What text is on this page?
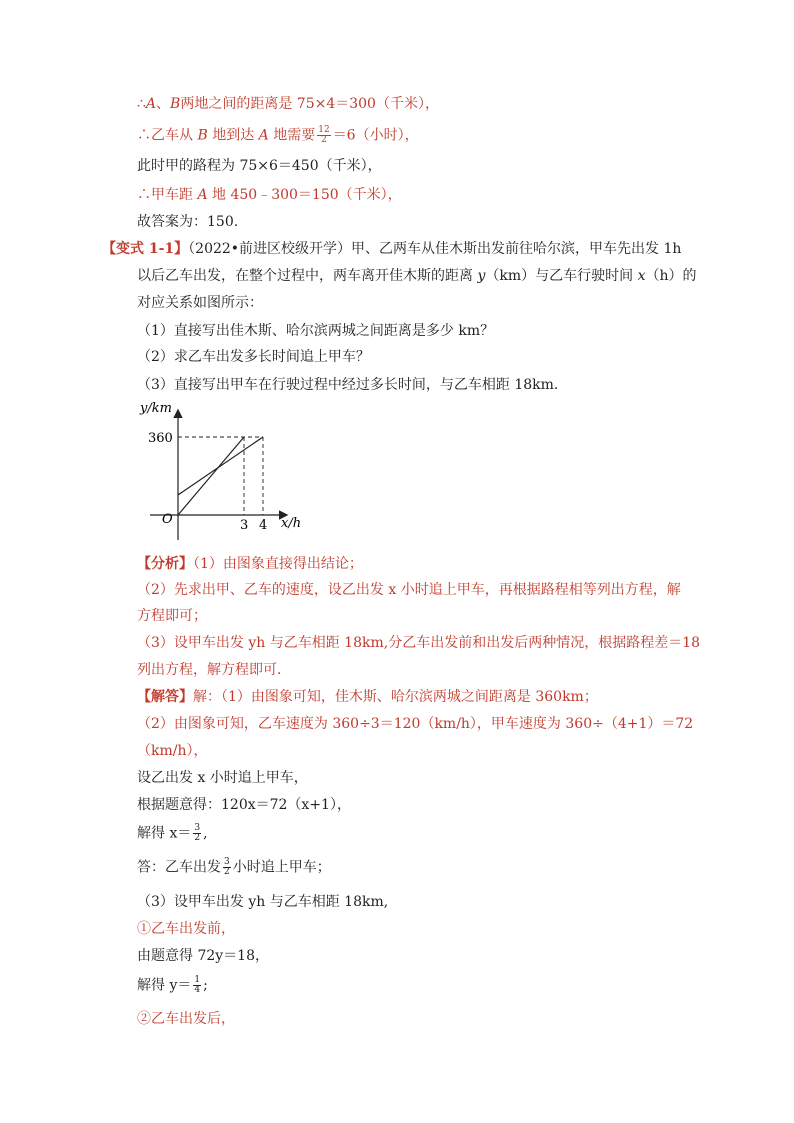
∴A、B两地之间的距离是 75×4＝300（千米），
∴乙车从 B 地到达 A 地需要 $\frac{12}{2} =6$（小时），
此时甲的路程为 75×6＝450（千米），
∴甲车距 A 地 450﹣300＝150（千米），
故答案为：150.
【变式 1-1】（2022•前进区校级开学）甲、乙两车从佳木斯出发前往哈尔滨，甲车先出发 1h
以后乙车出发，在整个过程中，两车离开佳木斯的距离 y（km）与乙车行驶时间 x（h）的
对应关系如图所示：
（1）直接写出佳木斯、哈尔滨两城之间距离是多少 km？
（2）求乙车出发多长时间追上甲车？
（3）直接写出甲车在行驶过程中经过多长时间，与乙车相距 18km.
y/km
360
O	3 4 x/h
【分析】（1）由图象直接得出结论；
（2）先求出甲、乙车的速度，设乙出发 x 小时追上甲车，再根据路程相等列出方程，解
方程即可；
（3）设甲车出发 yh 与乙车相距 18km,分乙车出发前和出发后两种情况，根据路程差＝18
列出方程，解方程即可．
【解答】解：（1）由图象可知，佳木斯、哈尔滨两城之间距离是 360km；
（2）由图象可知，乙车速度为 360÷3＝120（km/h），甲车速度为 360÷（4+1）＝72
（km/h），
设乙出发 x 小时追上甲车，
根据题意得：120x＝72（x+1），
解得 $x= \frac{3}{2}$ ,
答：乙车出发 $\frac{3}{2}$ 小时追上甲车；
（3）设甲车出发 yh 与乙车相距 18km,
①乙车出发前，
由题意得 72y＝18，
解得 $y= \frac{1}{4}$ ;
②乙车出发后，
